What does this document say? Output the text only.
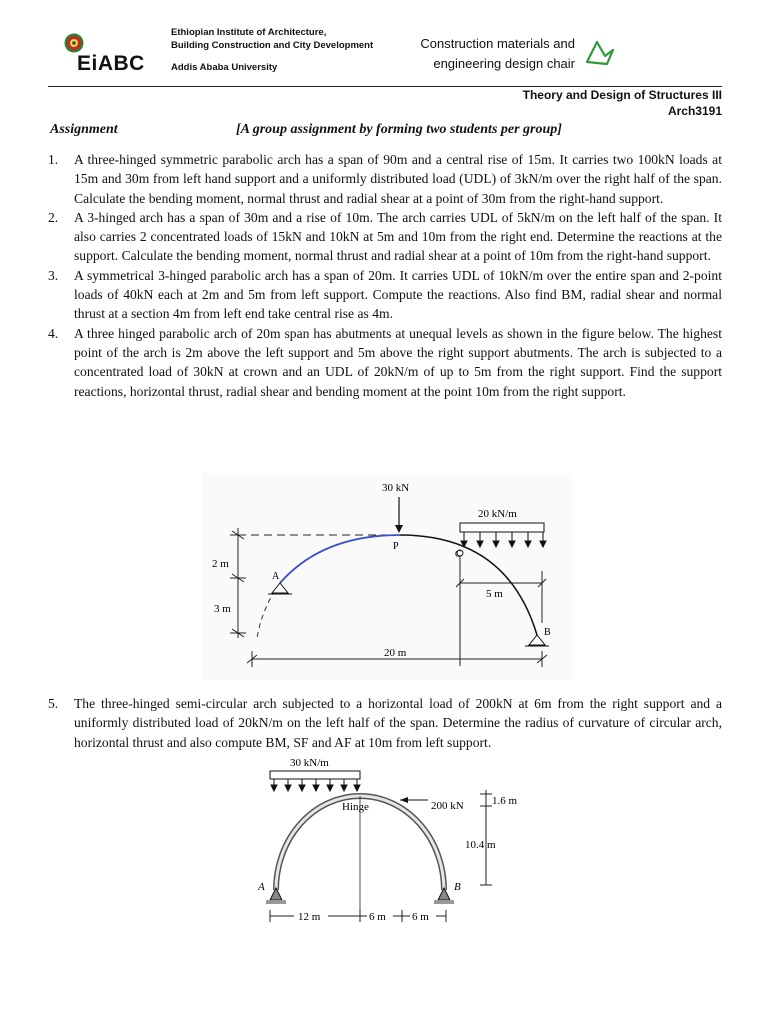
EiABC
Ethiopian Institute of Architecture,
Building Construction and City Development
Addis Ababa University
Construction materials and
engineering design chair
Theory and Design of Structures III
Arch3191
Assignment	[A group assignment by forming two students per group]
1. A three-hinged symmetric parabolic arch has a span of 90m and a central rise of 15m. It carries two 100kN loads at 15m and 30m from left hand support and a uniformly distributed load (UDL) of 3kN/m over the right half of the span. Calculate the bending moment, normal thrust and radial shear at a point of 30m from the right-hand support.
2. A 3-hinged arch has a span of 30m and a rise of 10m. The arch carries UDL of 5kN/m on the left half of the span. It also carries 2 concentrated loads of 15kN and 10kN at 5m and 10m from the right end. Determine the reactions at the support. Calculate the bending moment, normal thrust and radial shear at a point of 10m from the right-hand support.
3. A symmetrical 3-hinged parabolic arch has a span of 20m. It carries UDL of 10kN/m over the entire span and 2-point loads of 40kN each at 2m and 5m from left support. Compute the reactions. Also find BM, radial shear and normal thrust at a section 4m from left end take central rise as 4m.
4. A three hinged parabolic arch of 20m span has abutments at unequal levels as shown in the figure below. The highest point of the arch is 2m above the left support and 5m above the right support abutments. The arch is subjected to a concentrated load of 30kN at crown and an UDL of 20kN/m of up to 5m from the right support. Find the support reactions, horizontal thrust, radial shear and bending moment at the point 10m from the right support.
2 m
3 m
A
B
30 kN
P
20 kN/m
C
5 m
20 m
5. The three-hinged semi-circular arch subjected to a horizontal load of 200kN at 6m from the right support and a uniformly distributed load of 20kN/m on the left half of the span. Determine the radius of curvature of circular arch, horizontal thrust and also compute BM, SF and AF at 10m from left support.
30 kN/m
A	B
Hinge	200 kN	1.6 m
10.4 m
12 m	6 m 6 m
